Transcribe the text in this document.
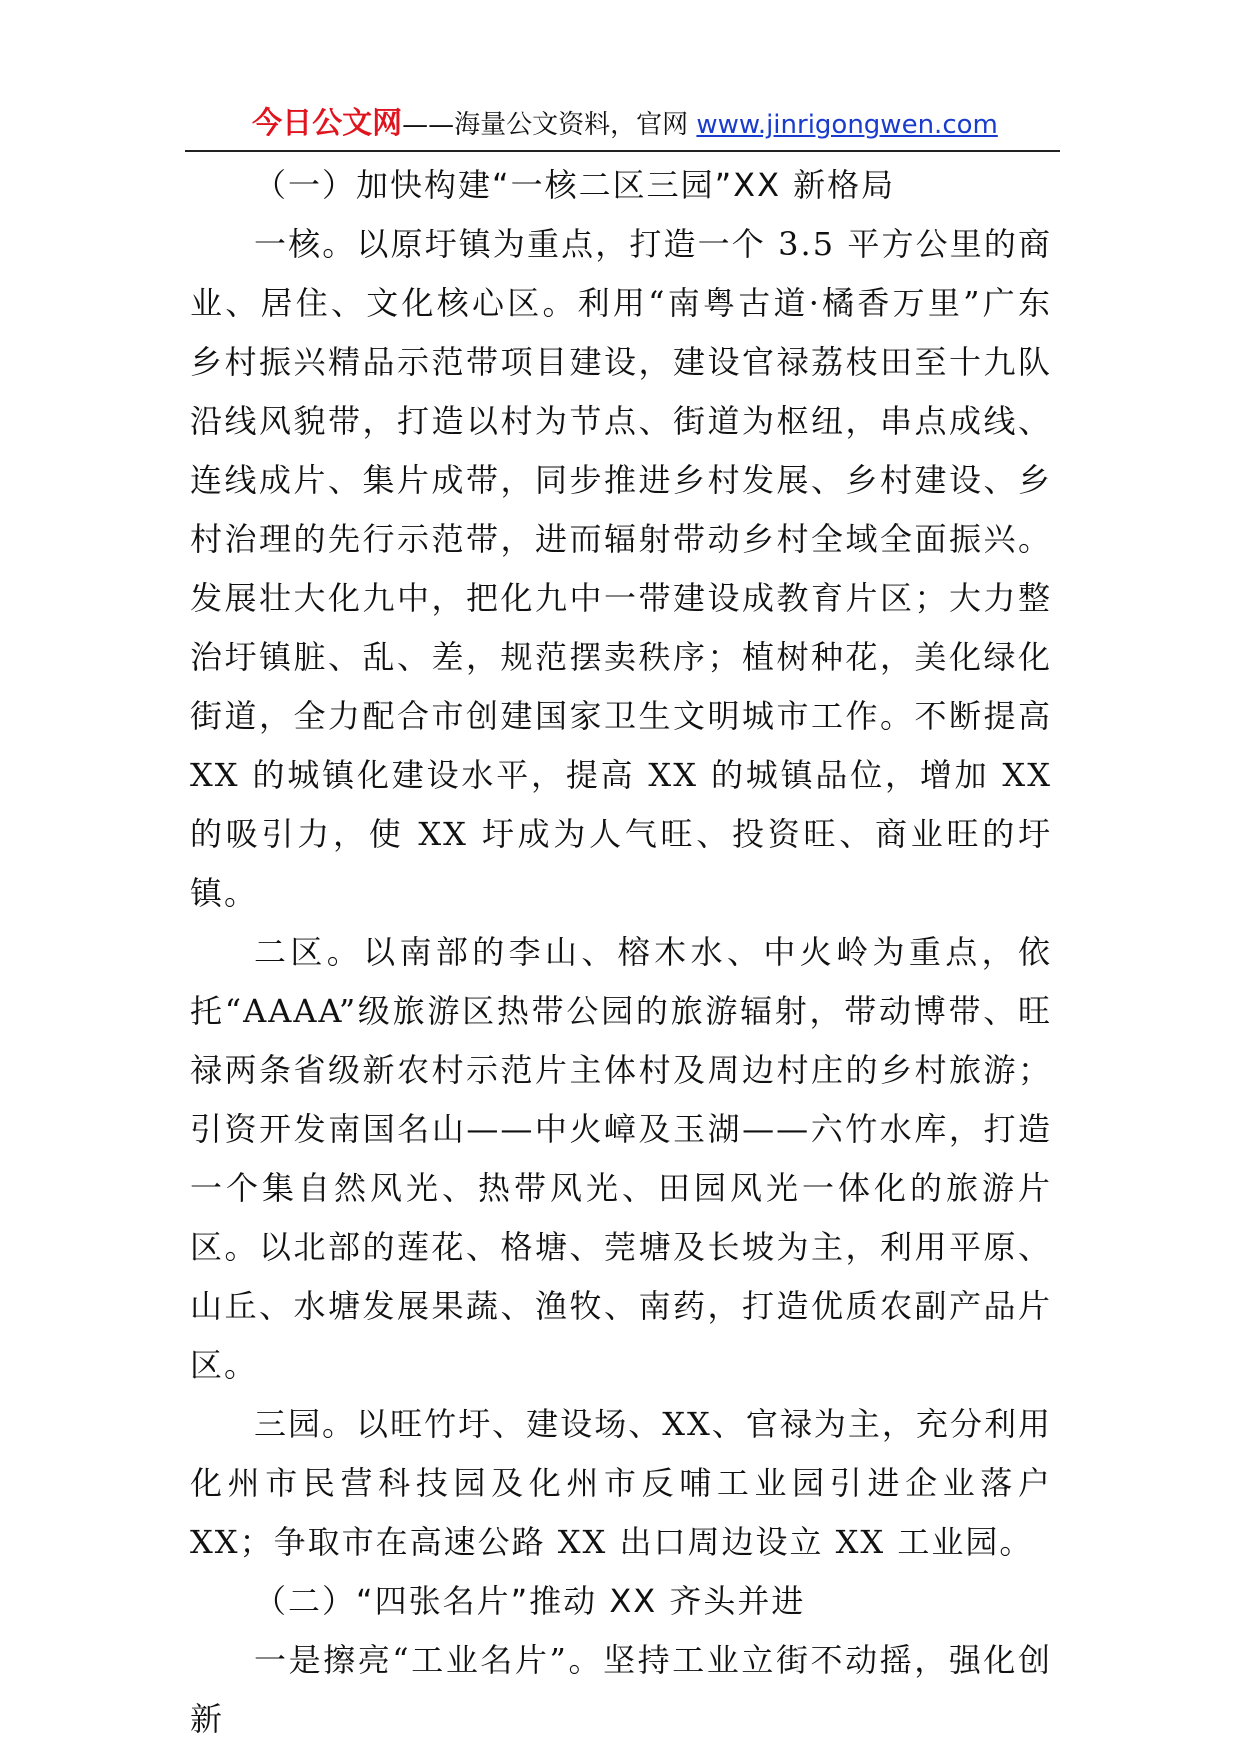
今日公文网——海量公文资料，官网 www.jinrigongwen.com

（一）加快构建“一核二区三园”XX 新格局

一核。以原圩镇为重点，打造一个 3.5 平方公里的商业、居住、文化核心区。利用“南粤古道·橘香万里”广东乡村振兴精品示范带项目建设，建设官禄荔枝田至十九队沿线风貌带，打造以村为节点、街道为枢纽，串点成线、连线成片、集片成带，同步推进乡村发展、乡村建设、乡村治理的先行示范带，进而辐射带动乡村全域全面振兴。发展壮大化九中，把化九中一带建设成教育片区；大力整治圩镇脏、乱、差，规范摆卖秩序；植树种花，美化绿化街道，全力配合市创建国家卫生文明城市工作。不断提高 XX 的城镇化建设水平，提高 XX 的城镇品位，增加 XX 的吸引力，使 XX 圩成为人气旺、投资旺、商业旺的圩镇。

二区。以南部的李山、榕木水、中火岭为重点，依托“AAAA”级旅游区热带公园的旅游辐射，带动博带、旺禄两条省级新农村示范片主体村及周边村庄的乡村旅游；引资开发南国名山——中火嶂及玉湖——六竹水库，打造一个集自然风光、热带风光、田园风光一体化的旅游片区。以北部的莲花、格塘、莞塘及长坡为主，利用平原、山丘、水塘发展果蔬、渔牧、南药，打造优质农副产品片区。

三园。以旺竹圩、建设场、XX、官禄为主，充分利用化州市民营科技园及化州市反哺工业园引进企业落户 XX；争取市在高速公路 XX 出口周边设立 XX 工业园。

（二）“四张名片”推动 XX 齐头并进

一是擦亮“工业名片”。坚持工业立街不动摇，强化创新
